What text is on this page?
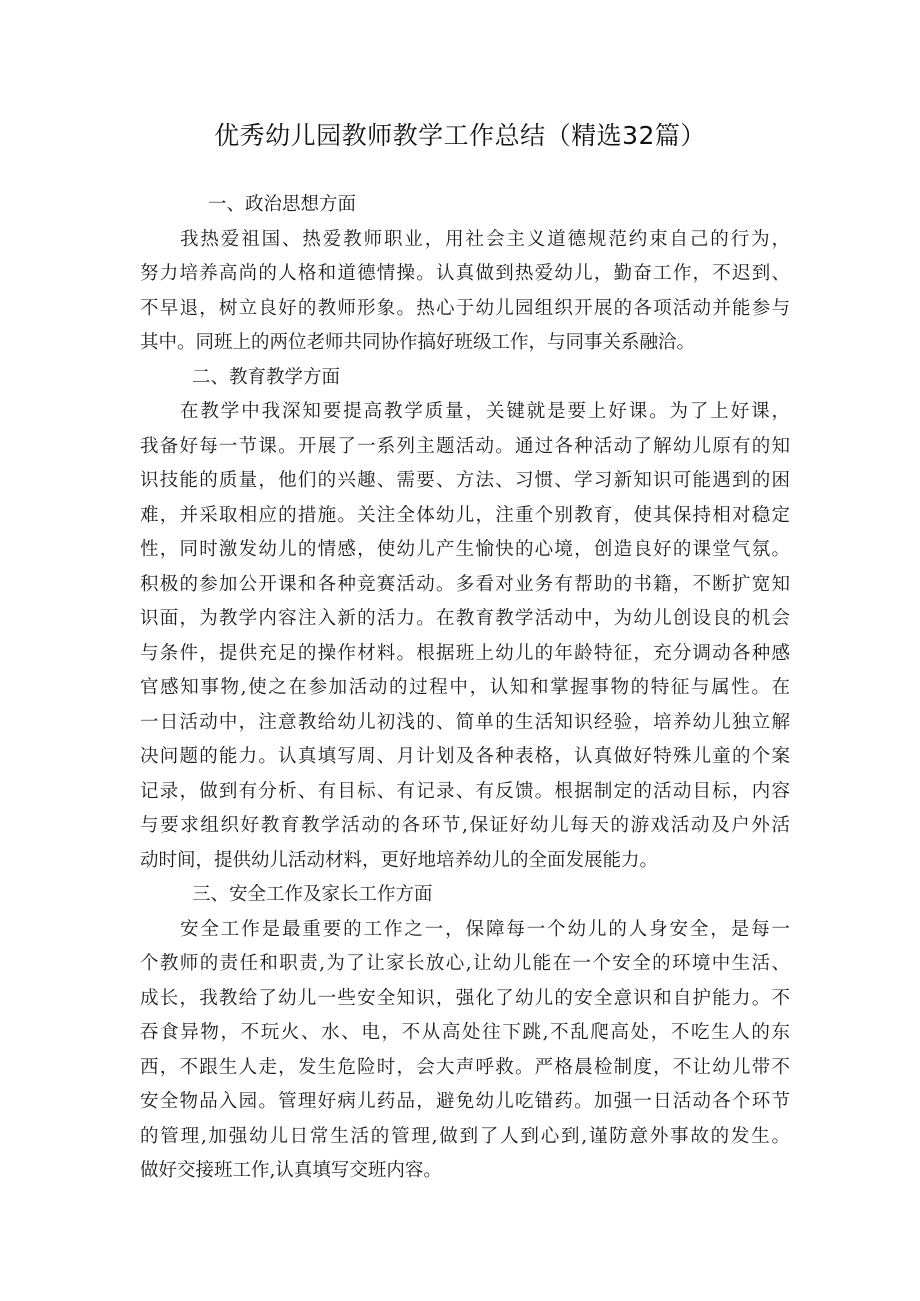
优秀幼儿园教师教学工作总结（精选32篇）

一、政治思想方面

我热爱祖国、热爱教师职业，用社会主义道德规范约束自己的行为，
努力培养高尚的人格和道德情操。认真做到热爱幼儿，勤奋工作，不迟到、
不早退，树立良好的教师形象。热心于幼儿园组织开展的各项活动并能参与
其中。同班上的两位老师共同协作搞好班级工作，与同事关系融洽。

二、教育教学方面

在教学中我深知要提高教学质量，关键就是要上好课。为了上好课，
我备好每一节课。开展了一系列主题活动。通过各种活动了解幼儿原有的知
识技能的质量，他们的兴趣、需要、方法、习惯、学习新知识可能遇到的困
难，并采取相应的措施。关注全体幼儿，注重个别教育，使其保持相对稳定
性，同时激发幼儿的情感，使幼儿产生愉快的心境，创造良好的课堂气氛。
积极的参加公开课和各种竞赛活动。多看对业务有帮助的书籍，不断扩宽知
识面，为教学内容注入新的活力。在教育教学活动中，为幼儿创设良的机会
与条件，提供充足的操作材料。根据班上幼儿的年龄特征，充分调动各种感
官感知事物,使之在参加活动的过程中，认知和掌握事物的特征与属性。在
一日活动中，注意教给幼儿初浅的、简单的生活知识经验，培养幼儿独立解
决问题的能力。认真填写周、月计划及各种表格，认真做好特殊儿童的个案
记录，做到有分析、有目标、有记录、有反馈。根据制定的活动目标，内容
与要求组织好教育教学活动的各环节,保证好幼儿每天的游戏活动及户外活
动时间，提供幼儿活动材料，更好地培养幼儿的全面发展能力。

三、安全工作及家长工作方面

安全工作是最重要的工作之一，保障每一个幼儿的人身安全，是每一
个教师的责任和职责,为了让家长放心,让幼儿能在一个安全的环境中生活、
成长，我教给了幼儿一些安全知识，强化了幼儿的安全意识和自护能力。不
吞食异物，不玩火、水、电，不从高处往下跳,不乱爬高处，不吃生人的东
西，不跟生人走，发生危险时，会大声呼救。严格晨检制度，不让幼儿带不
安全物品入园。管理好病儿药品，避免幼儿吃错药。加强一日活动各个环节
的管理,加强幼儿日常生活的管理,做到了人到心到,谨防意外事故的发生。
做好交接班工作,认真填写交班内容。
